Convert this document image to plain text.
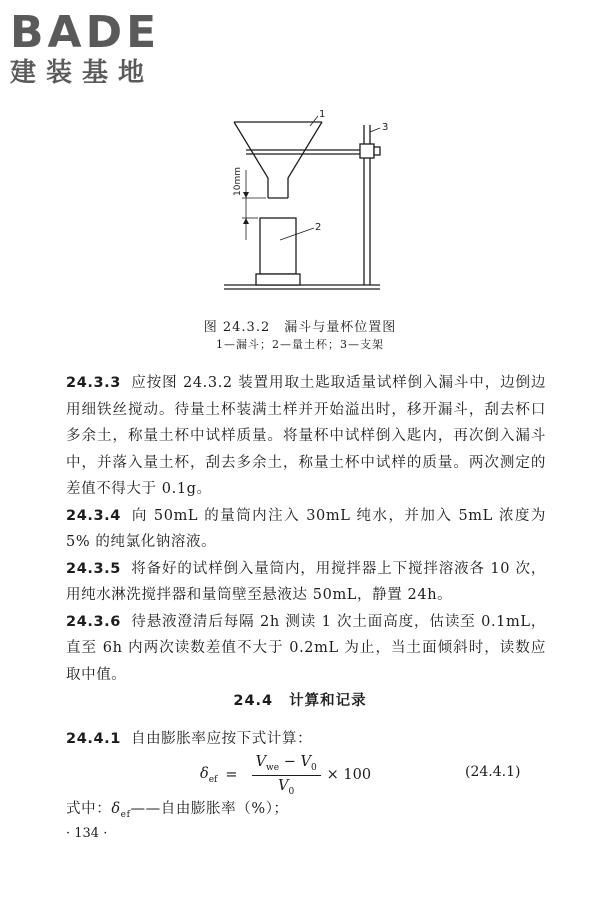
BADE
建装基地
10mm
1
2
3
图 24.3.2　漏斗与量杯位置图
1—漏斗；2—量土杯；3—支架

24.3.3 应按图 24.3.2 装置用取土匙取适量试样倒入漏斗中，边倒边用细铁丝搅动。待量土杯装满土样并开始溢出时，移开漏斗，刮去杯口多余土，称量土杯中试样质量。将量杯中试样倒入匙内，再次倒入漏斗中，并落入量土杯，刮去多余土，称量土杯中试样的质量。两次测定的差值不得大于 0.1g。

24.3.4 向 50mL 的量筒内注入 30mL 纯水，并加入 5mL 浓度为 5% 的纯氯化钠溶液。

24.3.5 将备好的试样倒入量筒内，用搅拌器上下搅拌溶液各 10 次，用纯水淋洗搅拌器和量筒壁至悬液达 50mL，静置 24h。

24.3.6 待悬液澄清后每隔 2h 测读 1 次土面高度，估读至 0.1mL，直至 6h 内两次读数差值不大于 0.2mL 为止，当土面倾斜时，读数应取中值。

24.4 计算和记录
24.4.1 自由膨胀率应按下式计算：
$\delta_{ef} = \frac{V_{we} - V_0}{V_0} \times 100$	(24.4.1)
式中：$\delta_{ef}——$自由膨胀率（%）；
· 134 ·
